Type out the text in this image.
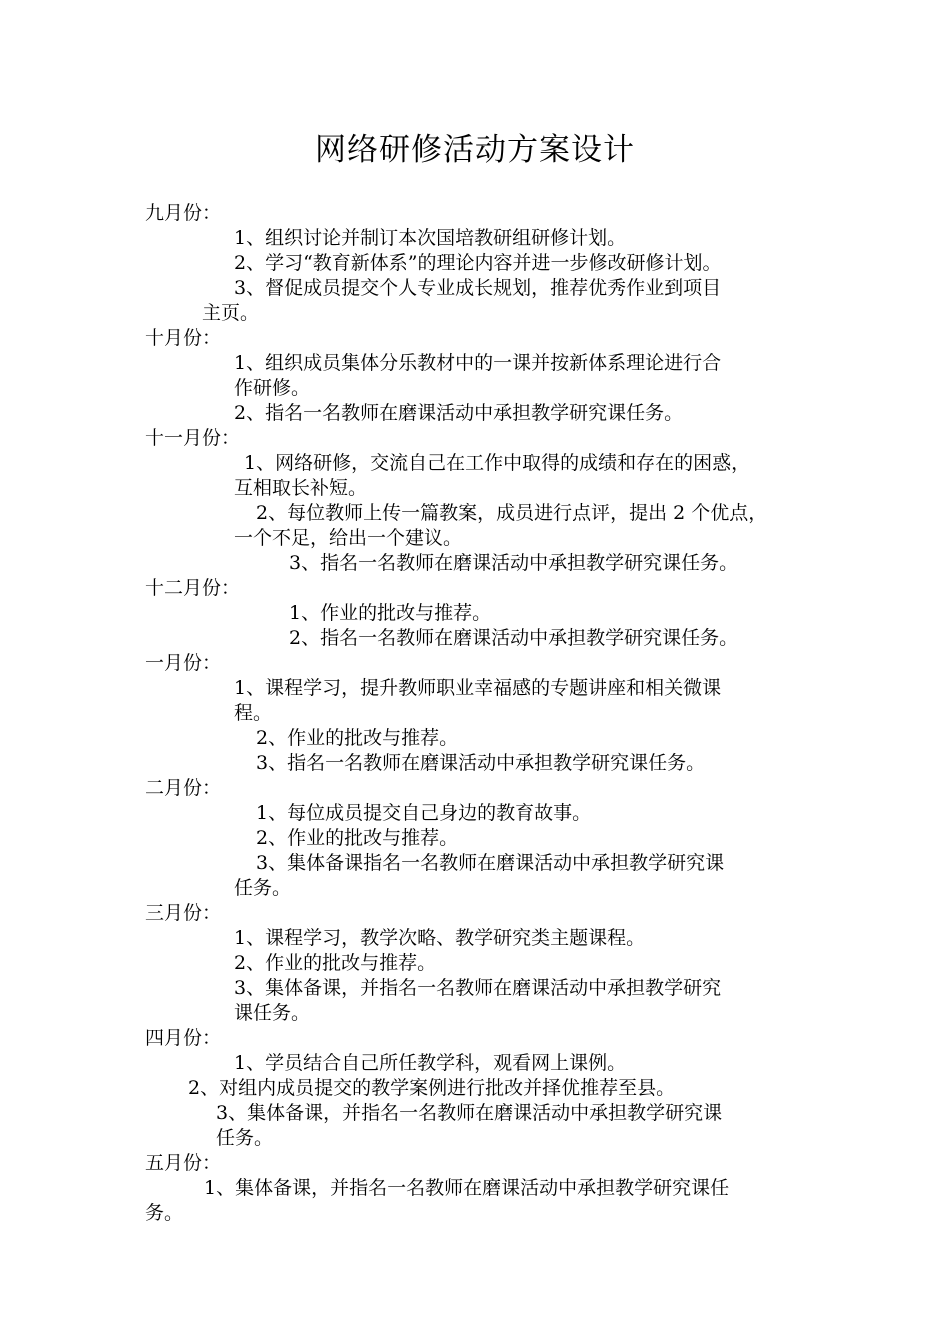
网络研修活动方案设计
九月份：
1、组织讨论并制订本次国培教研组研修计划。
2、学习“教育新体系”的理论内容并进一步修改研修计划。
3、督促成员提交个人专业成长规划，推荐优秀作业到项目
主页。
十月份：
1、组织成员集体分乐教材中的一课并按新体系理论进行合
作研修。
2、指名一名教师在磨课活动中承担教学研究课任务。
十一月份：
1、网络研修，交流自己在工作中取得的成绩和存在的困惑，
互相取长补短。
2、每位教师上传一篇教案，成员进行点评，提出 2 个优点，
一个不足，给出一个建议。
3、指名一名教师在磨课活动中承担教学研究课任务。
十二月份：
1、作业的批改与推荐。
2、指名一名教师在磨课活动中承担教学研究课任务。
一月份：
1、课程学习，提升教师职业幸福感的专题讲座和相关微课
程。
2、作业的批改与推荐。
3、指名一名教师在磨课活动中承担教学研究课任务。
二月份：
1、每位成员提交自己身边的教育故事。
2、作业的批改与推荐。
3、集体备课指名一名教师在磨课活动中承担教学研究课
任务。
三月份：
1、课程学习，教学次略、教学研究类主题课程。
2、作业的批改与推荐。
3、集体备课，并指名一名教师在磨课活动中承担教学研究
课任务。
四月份：
1、学员结合自己所任教学科，观看网上课例。
2、对组内成员提交的教学案例进行批改并择优推荐至县。
3、集体备课，并指名一名教师在磨课活动中承担教学研究课
任务。
五月份：
1、集体备课，并指名一名教师在磨课活动中承担教学研究课任
务。
